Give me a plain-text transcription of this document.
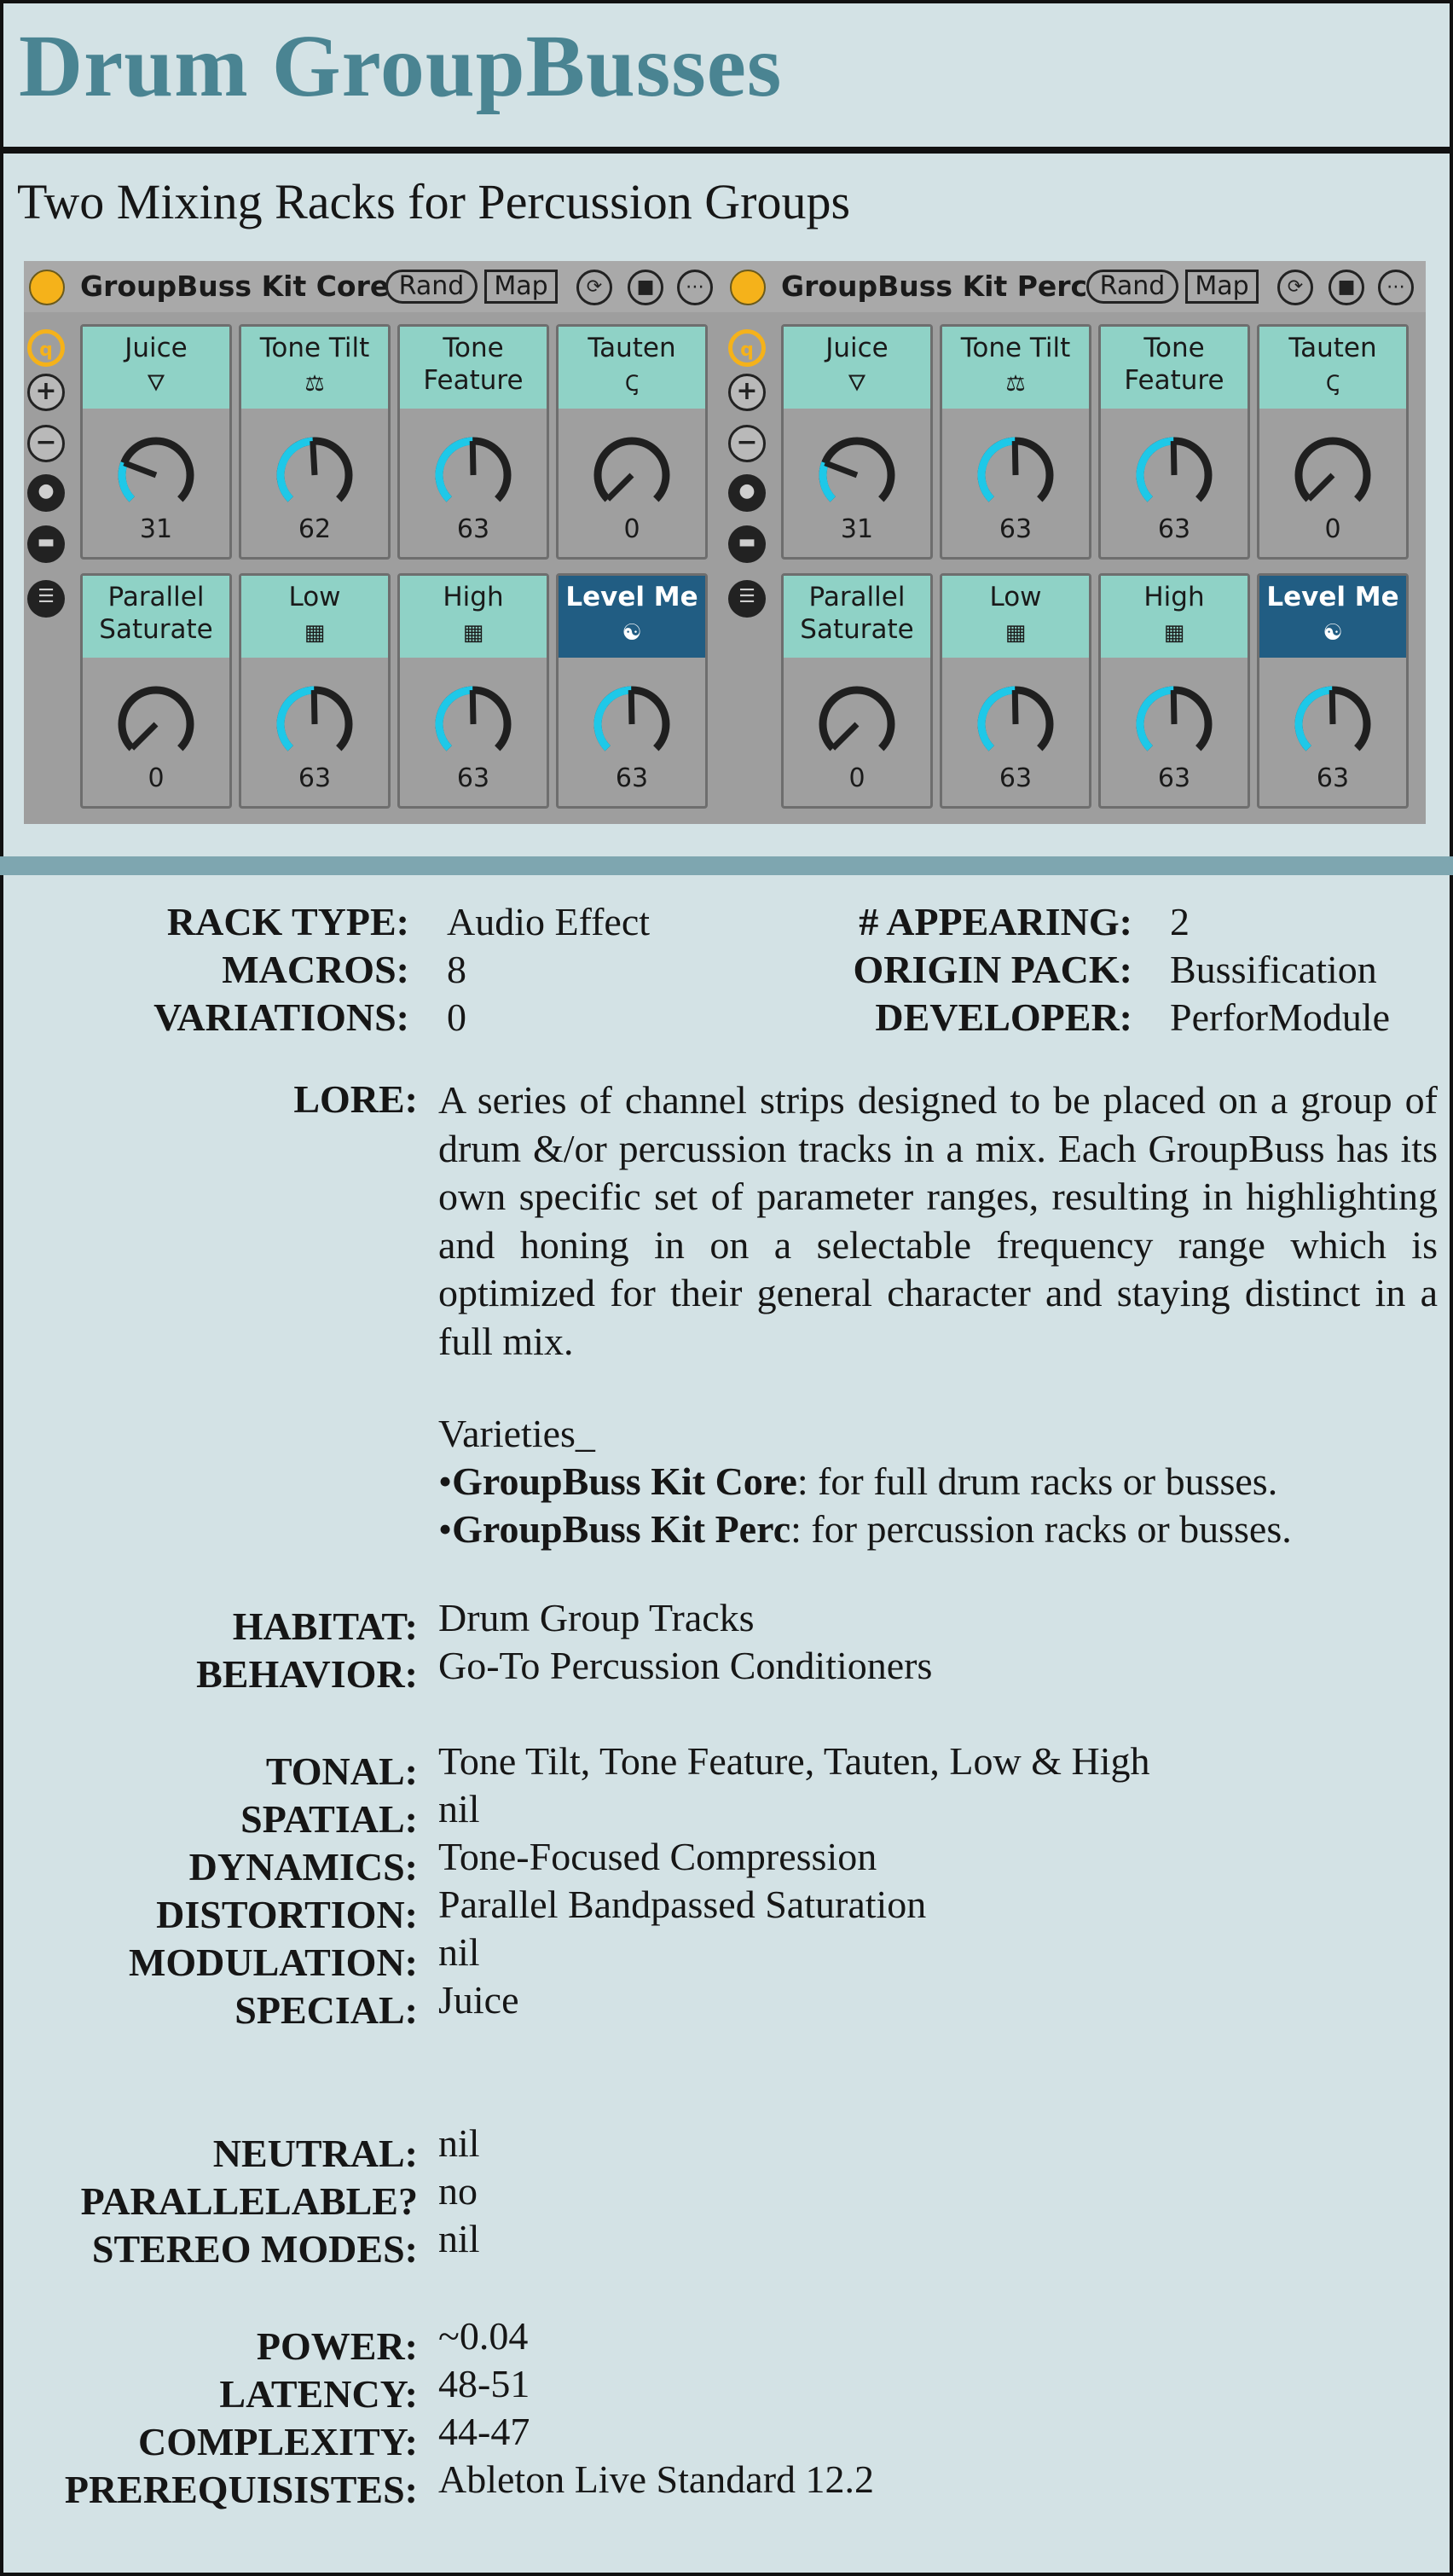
Drum GroupBusses
Two Mixing Racks for Percussion Groups
GroupBuss Kit Core Rand	Map	⟳	■	⋯
q
+
−
●
▬
☰
Juice
🜄
31
Tone Tilt
⚖
62
Tone Feature
63
Tauten
Ꞔ
0
Parallel Saturate
0
Low
▦
63
High
▦
63
Level Me
☯
63
GroupBuss Kit Perc Rand	Map	⟳	■	⋯
q
+
−
●
▬
☰
Juice
🜄
31
Tone Tilt
⚖
63
Tone Feature
63
Tauten
Ꞔ
0
Parallel Saturate
0
Low
▦
63
High
▦
63
Level Me
☯
63
RACK TYPE: Audio Effect
MACROS: 8
VARIATIONS: 0
# APPEARING: 2
ORIGIN PACK: Bussification
DEVELOPER: PerforModule
LORE: A series of channel strips designed to be placed on a group of drum &/or percussion tracks in a mix. Each GroupBuss has its own specific set of parameter ranges, resulting in highlighting and honing in on a selectable frequency range which is optimized for their general character and staying distinct in a full mix.

Varieties_
•GroupBuss Kit Core: for full drum racks or busses.
•GroupBuss Kit Perc: for percussion racks or busses.
HABITAT: Drum Group Tracks
BEHAVIOR: Go-To Percussion Conditioners
TONAL: Tone Tilt, Tone Feature, Tauten, Low & High
SPATIAL: nil
DYNAMICS: Tone-Focused Compression
DISTORTION: Parallel Bandpassed Saturation
MODULATION: nil
SPECIAL: Juice
NEUTRAL: nil
PARALLELABLE? no
STEREO MODES: nil
POWER: ~0.04
LATENCY: 48-51
COMPLEXITY: 44-47
PREREQUISISTES: Ableton Live Standard 12.2
